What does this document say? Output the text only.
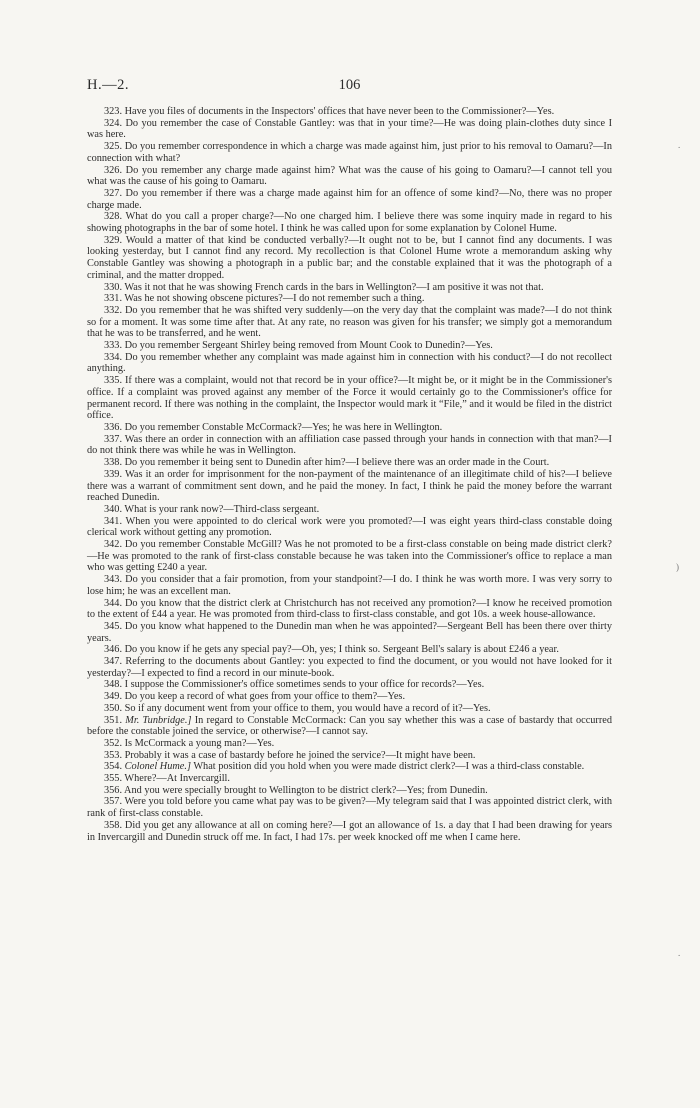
H.—2.	106

323. Have you files of documents in the Inspectors' offices that have never been to the Commissioner?—Yes.

324. Do you remember the case of Constable Gantley: was that in your time?—He was doing plain-clothes duty since I was here.

325. Do you remember correspondence in which a charge was made against him, just prior to his removal to Oamaru?—In connection with what?

326. Do you remember any charge made against him? What was the cause of his going to Oamaru?—I cannot tell you what was the cause of his going to Oamaru.

327. Do you remember if there was a charge made against him for an offence of some kind?—No, there was no proper charge made.

328. What do you call a proper charge?—No one charged him. I believe there was some inquiry made in regard to his showing photographs in the bar of some hotel. I think he was called upon for some explanation by Colonel Hume.

329. Would a matter of that kind be conducted verbally?—It ought not to be, but I cannot find any documents. I was looking yesterday, but I cannot find any record. My recollection is that Colonel Hume wrote a memorandum asking why Constable Gantley was showing a photograph in a public bar; and the constable explained that it was the photograph of a criminal, and the matter dropped.

330. Was it not that he was showing French cards in the bars in Wellington?—I am positive it was not that.

331. Was he not showing obscene pictures?—I do not remember such a thing.

332. Do you remember that he was shifted very suddenly—on the very day that the complaint was made?—I do not think so for a moment. It was some time after that. At any rate, no reason was given for his transfer; we simply got a memorandum that he was to be transferred, and he went.

333. Do you remember Sergeant Shirley being removed from Mount Cook to Dunedin?—Yes.

334. Do you remember whether any complaint was made against him in connection with his conduct?—I do not recollect anything.

335. If there was a complaint, would not that record be in your office?—It might be, or it might be in the Commissioner's office. If a complaint was proved against any member of the Force it would certainly go to the Commissioner's office for permanent record. If there was nothing in the complaint, the Inspector would mark it “File,” and it would be filed in the district office.

336. Do you remember Constable McCormack?—Yes; he was here in Wellington.

337. Was there an order in connection with an affiliation case passed through your hands in connection with that man?—I do not think there was while he was in Wellington.

338. Do you remember it being sent to Dunedin after him?—I believe there was an order made in the Court.

339. Was it an order for imprisonment for the non-payment of the maintenance of an illegitimate child of his?—I believe there was a warrant of commitment sent down, and he paid the money. In fact, I think he paid the money before the warrant reached Dunedin.

340. What is your rank now?—Third-class sergeant.

341. When you were appointed to do clerical work were you promoted?—I was eight years third-class constable doing clerical work without getting any promotion.

342. Do you remember Constable McGill? Was he not promoted to be a first-class constable on being made district clerk?—He was promoted to the rank of first-class constable because he was taken into the Commissioner's office to replace a man who was getting £240 a year.

343. Do you consider that a fair promotion, from your standpoint?—I do. I think he was worth more. I was very sorry to lose him; he was an excellent man.

344. Do you know that the district clerk at Christchurch has not received any promotion?—I know he received promotion to the extent of £44 a year. He was promoted from third-class to first-class constable, and got 10s. a week house-allowance.

345. Do you know what happened to the Dunedin man when he was appointed?—Sergeant Bell has been there over thirty years.

346. Do you know if he gets any special pay?—Oh, yes; I think so. Sergeant Bell's salary is about £246 a year.

347. Referring to the documents about Gantley: you expected to find the document, or you would not have looked for it yesterday?—I expected to find a record in our minute-book.

348. I suppose the Commissioner's office sometimes sends to your office for records?—Yes.

349. Do you keep a record of what goes from your office to them?—Yes.

350. So if any document went from your office to them, you would have a record of it?—Yes.

351. Mr. Tunbridge.] In regard to Constable McCormack: Can you say whether this was a case of bastardy that occurred before the constable joined the service, or otherwise?—I cannot say.

352. Is McCormack a young man?—Yes.

353. Probably it was a case of bastardy before he joined the service?—It might have been.

354. Colonel Hume.] What position did you hold when you were made district clerk?—I was a third-class constable.

355. Where?—At Invercargill.

356. And you were specially brought to Wellington to be district clerk?—Yes; from Dunedin.

357. Were you told before you came what pay was to be given?—My telegram said that I was appointed district clerk, with rank of first-class constable.

358. Did you get any allowance at all on coming here?—I got an allowance of 1s. a day that I had been drawing for years in Invercargill and Dunedin struck off me. In fact, I had 17s. per week knocked off me when I came here.

.
)
.
